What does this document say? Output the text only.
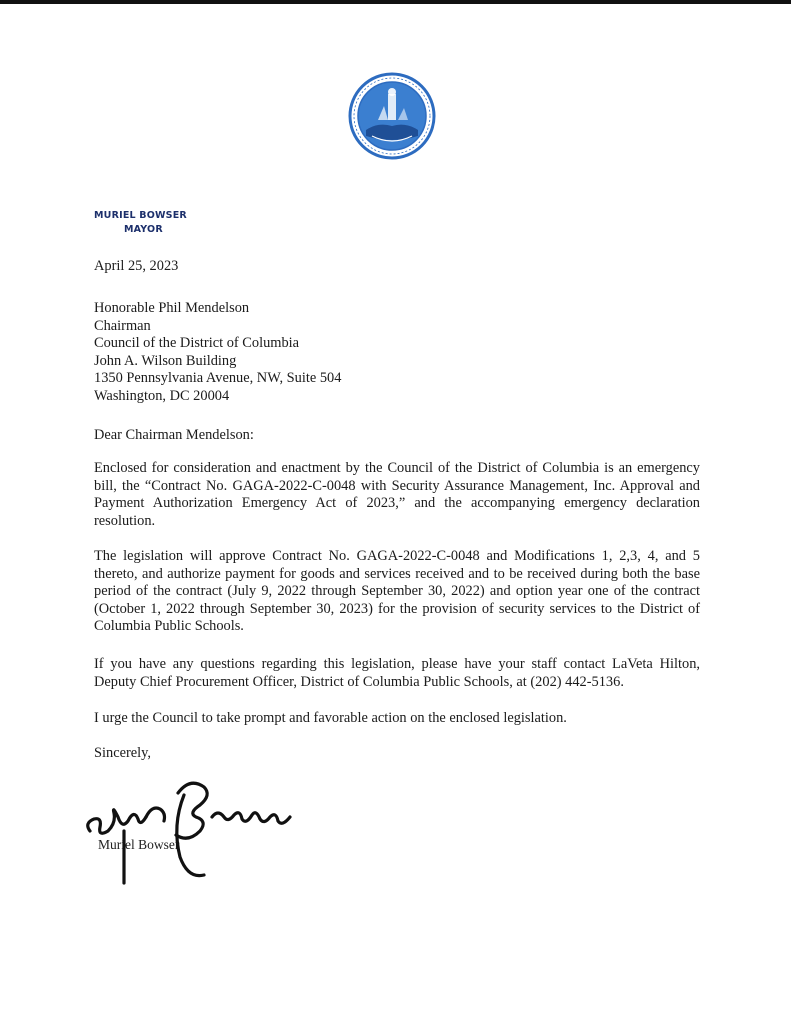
MURIEL BOWSER
MAYOR
April 25, 2023
Honorable Phil Mendelson
Chairman
Council of the District of Columbia
John A. Wilson Building
1350 Pennsylvania Avenue, NW, Suite 504
Washington, DC 20004
Dear Chairman Mendelson:
Enclosed for consideration and enactment by the Council of the District of Columbia is an emergency bill, the “Contract No. GAGA-2022-C-0048 with Security Assurance Management, Inc. Approval and Payment Authorization Emergency Act of 2023,” and the accompanying emergency declaration resolution.
The legislation will approve Contract No. GAGA-2022-C-0048 and Modifications 1, 2,3, 4, and 5 thereto, and authorize payment for goods and services received and to be received during both the base period of the contract (July 9, 2022 through September 30, 2022) and option year one of the contract (October 1, 2022 through September 30, 2023) for the provision of security services to the District of Columbia Public Schools.
If you have any questions regarding this legislation, please have your staff contact LaVeta Hilton, Deputy Chief Procurement Officer, District of Columbia Public Schools, at (202) 442-5136.
I urge the Council to take prompt and favorable action on the enclosed legislation.
Sincerely,
Muriel Bowser
